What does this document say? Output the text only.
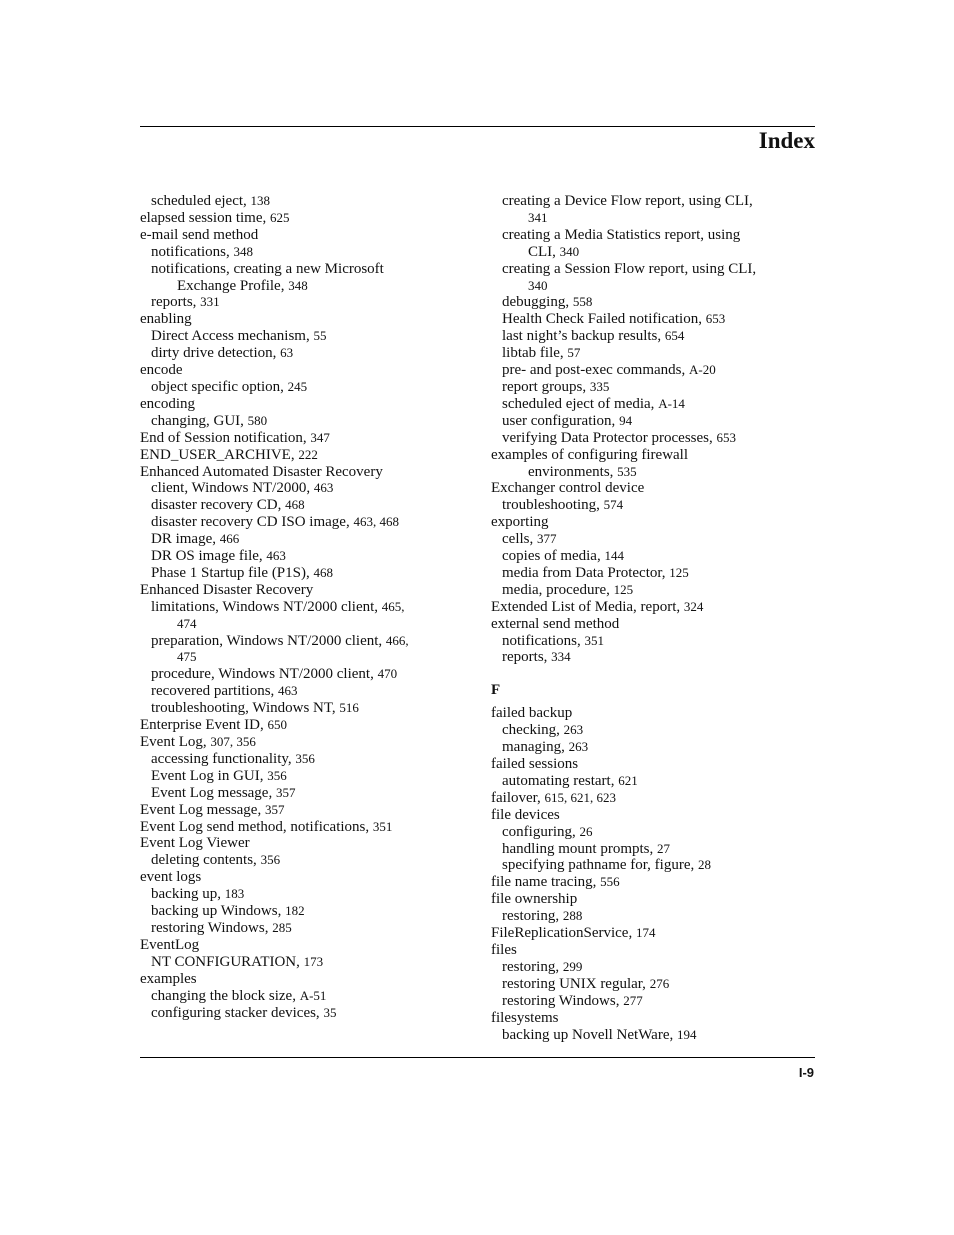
Index
scheduled eject, 138
elapsed session time, 625
e-mail send method
notifications, 348
notifications, creating a new Microsoft
Exchange Profile, 348
reports, 331
enabling
Direct Access mechanism, 55
dirty drive detection, 63
encode
object specific option, 245
encoding
changing, GUI, 580
End of Session notification, 347
END_USER_ARCHIVE, 222
Enhanced Automated Disaster Recovery
client, Windows NT/2000, 463
disaster recovery CD, 468
disaster recovery CD ISO image, 463, 468
DR image, 466
DR OS image file, 463
Phase 1 Startup file (P1S), 468
Enhanced Disaster Recovery
limitations, Windows NT/2000 client, 465,
474
preparation, Windows NT/2000 client, 466,
475
procedure, Windows NT/2000 client, 470
recovered partitions, 463
troubleshooting, Windows NT, 516
Enterprise Event ID, 650
Event Log, 307, 356
accessing functionality, 356
Event Log in GUI, 356
Event Log message, 357
Event Log message, 357
Event Log send method, notifications, 351
Event Log Viewer
deleting contents, 356
event logs
backing up, 183
backing up Windows, 182
restoring Windows, 285
EventLog
NT CONFIGURATION, 173
examples
changing the block size, A-51
configuring stacker devices, 35
creating a Device Flow report, using CLI,
341
creating a Media Statistics report, using
CLI, 340
creating a Session Flow report, using CLI,
340
debugging, 558
Health Check Failed notification, 653
last night’s backup results, 654
libtab file, 57
pre- and post-exec commands, A-20
report groups, 335
scheduled eject of media, A-14
user configuration, 94
verifying Data Protector processes, 653
examples of configuring firewall
environments, 535
Exchanger control device
troubleshooting, 574
exporting
cells, 377
copies of media, 144
media from Data Protector, 125
media, procedure, 125
Extended List of Media, report, 324
external send method
notifications, 351
reports, 334
F
failed backup
checking, 263
managing, 263
failed sessions
automating restart, 621
failover, 615, 621, 623
file devices
configuring, 26
handling mount prompts, 27
specifying pathname for, figure, 28
file name tracing, 556
file ownership
restoring, 288
FileReplicationService, 174
files
restoring, 299
restoring UNIX regular, 276
restoring Windows, 277
filesystems
backing up Novell NetWare, 194
I-9
